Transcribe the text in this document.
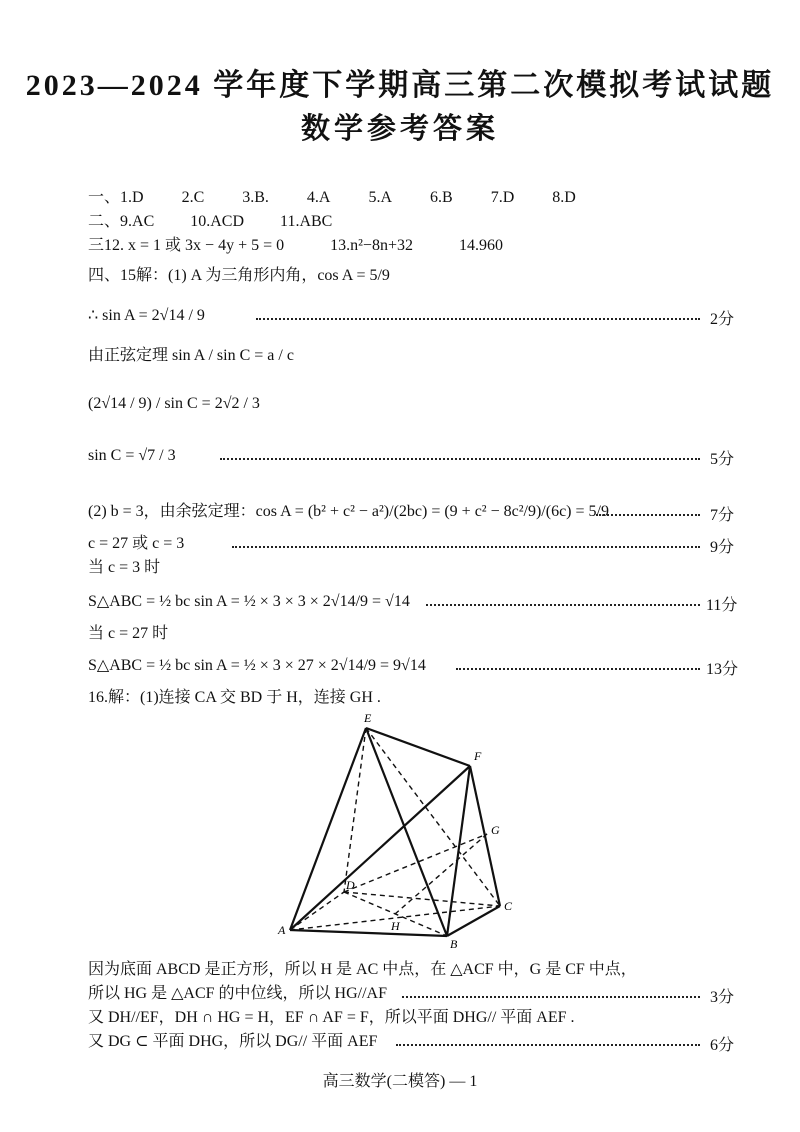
2023—2024 学年度下学期高三第二次模拟考试试题
数学参考答案
一、1.D 2.C 3.B. 4.A 5.A 6.B 7.D 8.D
二、9.AC 10.ACD 11.ABC
三12. x = 1 或 3x − 4y + 5 = 0	13.n²−8n+32	14.960
四、15解：(1) A 为三角形内角，cos A = 5/9
∴ sin A = 2√14 / 9	2分
由正弦定理 sin A / sin C = a / c
(2√14 / 9) / sin C = 2√2 / 3
sin C = √7 / 3	5分
(2) b = 3，由余弦定理：cos A = (b² + c² − a²)/(2bc) = (9 + c² − 8c²/9)/(6c) = 5/9	7分
c = 27 或 c = 3	9分
当 c = 3 时
S△ABC = ½ bc sin A = ½ × 3 × 3 × 2√14/9 = √14	11分
当 c = 27 时
S△ABC = ½ bc sin A = ½ × 3 × 27 × 2√14/9 = 9√14	13分
16.解：(1)连接 CA 交 BD 于 H，连接 GH .
E
F
G
D
C
A	H
B
因为底面 ABCD 是正方形，所以 H 是 AC 中点，在 △ACF 中，G 是 CF 中点，
所以 HG 是 △ACF 的中位线，所以 HG//AF	3分
又 DH//EF，DH ∩ HG = H，EF ∩ AF = F，所以平面 DHG// 平面 AEF .
又 DG ⊂ 平面 DHG，所以 DG// 平面 AEF	6分
高三数学(二模答) — 1
